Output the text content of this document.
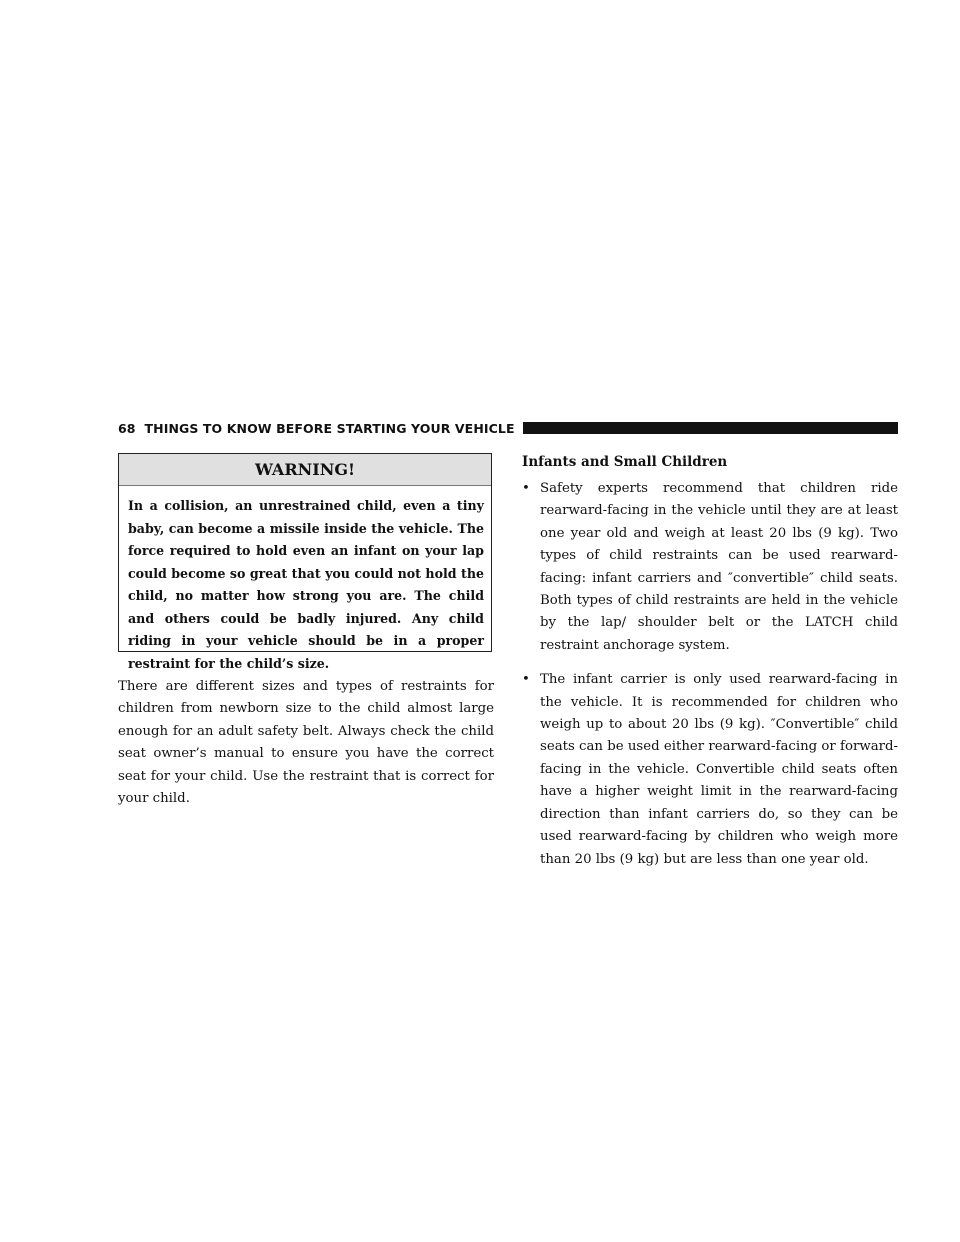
68 THINGS TO KNOW BEFORE STARTING YOUR VEHICLE
WARNING!
In a collision, an unrestrained child, even a tiny baby, can become a missile inside the vehicle. The force required to hold even an infant on your lap could become so great that you could not hold the child, no matter how strong you are. The child and others could be badly injured. Any child riding in your vehicle should be in a proper restraint for the child’s size.

There are different sizes and types of restraints for children from newborn size to the child almost large enough for an adult safety belt. Always check the child seat owner’s manual to ensure you have the correct seat for your child. Use the restraint that is correct for your child.

Infants and Small Children
• Safety experts recommend that children ride rearward-facing in the vehicle until they are at least one year old and weigh at least 20 lbs (9 kg). Two types of child restraints can be used rearward-facing: infant carriers and ″convertible″ child seats. Both types of child restraints are held in the vehicle by the lap/ shoulder belt or the LATCH child restraint anchorage system.
• The infant carrier is only used rearward-facing in the vehicle. It is recommended for children who weigh up to about 20 lbs (9 kg). ″Convertible″ child seats can be used either rearward-facing or forward-facing in the vehicle. Convertible child seats often have a higher weight limit in the rearward-facing direction than infant carriers do, so they can be used rearward-facing by children who weigh more than 20 lbs (9 kg) but are less than one year old.
